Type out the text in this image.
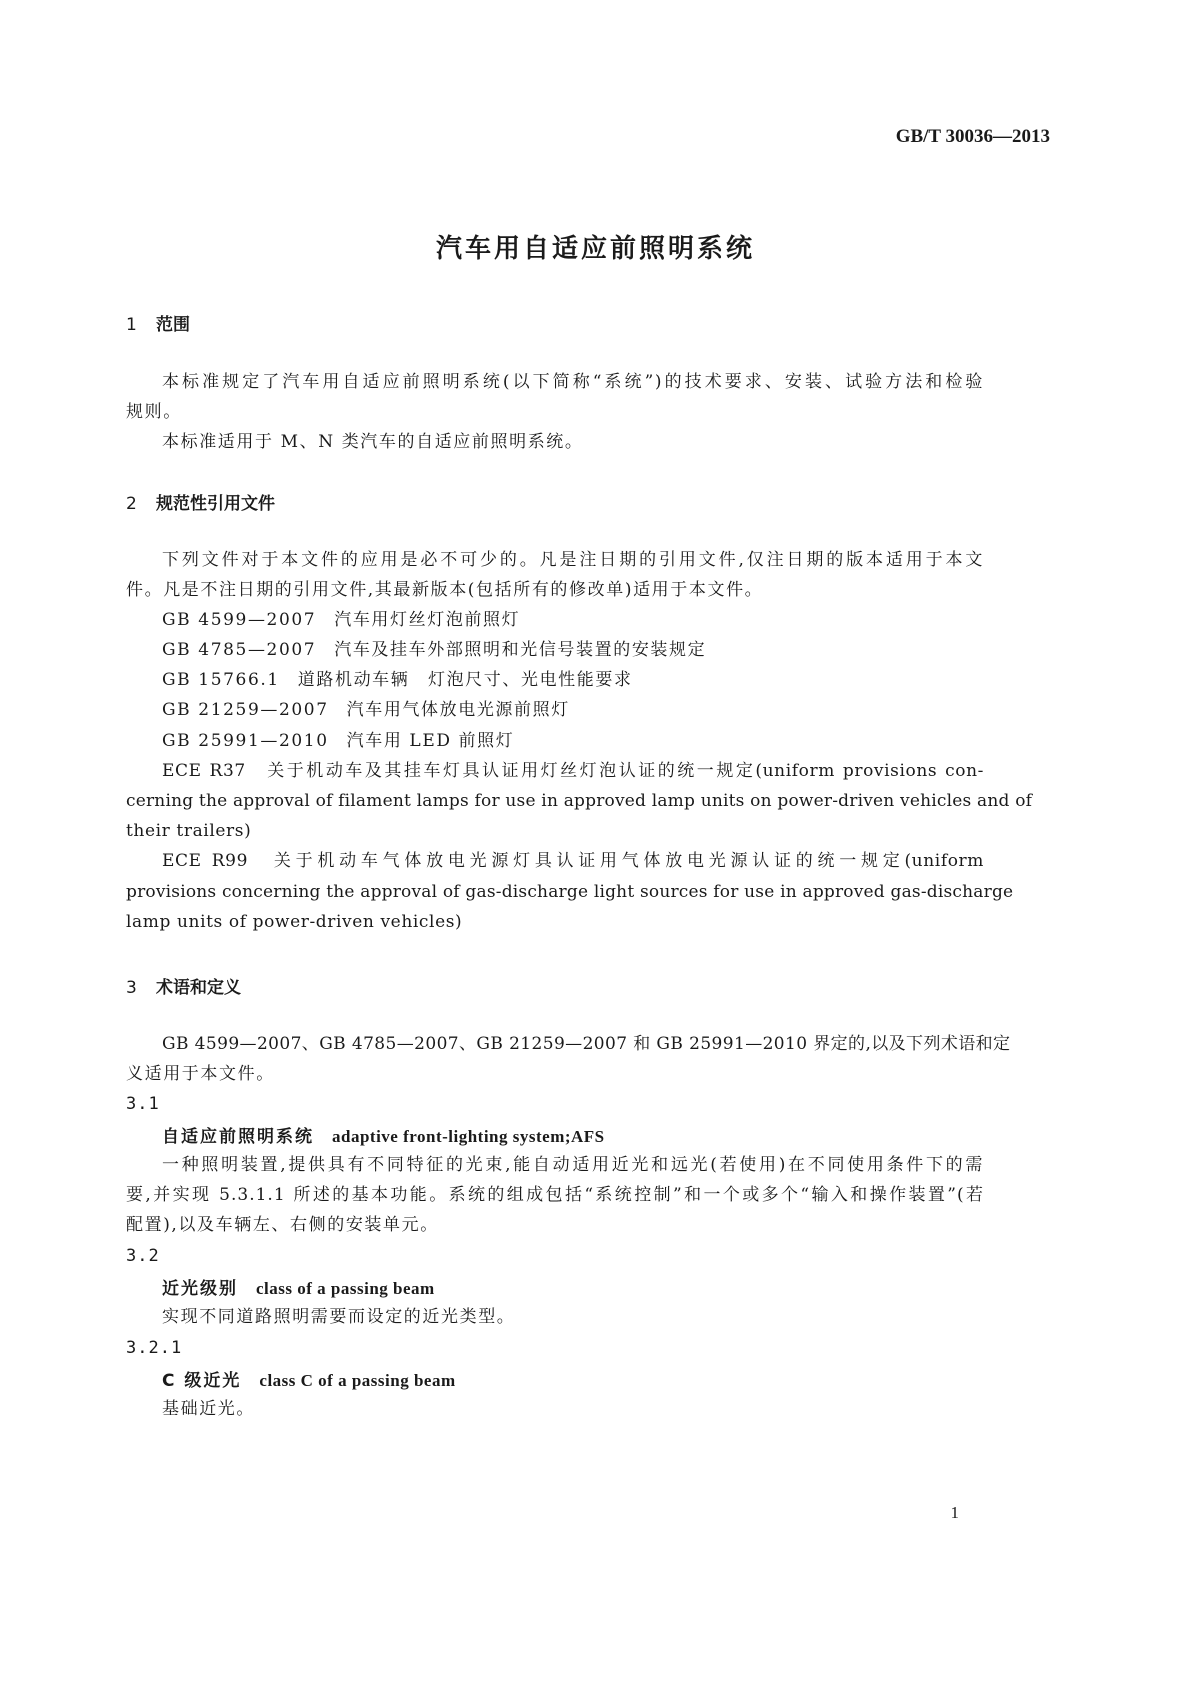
GB/T 30036—2013
汽车用自适应前照明系统
1 范围
本标准规定了汽车用自适应前照明系统(以下简称“系统”)的技术要求、安装、试验方法和检验
规则。
本标准适用于 M、N 类汽车的自适应前照明系统。
2 规范性引用文件
下列文件对于本文件的应用是必不可少的。凡是注日期的引用文件,仅注日期的版本适用于本文
件。凡是不注日期的引用文件,其最新版本(包括所有的修改单)适用于本文件。
GB 4599—2007 汽车用灯丝灯泡前照灯
GB 4785—2007 汽车及挂车外部照明和光信号装置的安装规定
GB 15766.1 道路机动车辆　灯泡尺寸、光电性能要求
GB 21259—2007 汽车用气体放电光源前照灯
GB 25991—2010 汽车用 LED 前照灯
ECE R37　关于机动车及其挂车灯具认证用灯丝灯泡认证的统一规定(uniform provisions con-
cerning the approval of filament lamps for use in approved lamp units on power-driven vehicles and of
their trailers)
ECE R99　关于机动车气体放电光源灯具认证用气体放电光源认证的统一规定(uniform
provisions concerning the approval of gas-discharge light sources for use in approved gas-discharge
lamp units of power-driven vehicles)
3 术语和定义
GB 4599—2007、GB 4785—2007、GB 21259—2007 和 GB 25991—2010 界定的,以及下列术语和定
义适用于本文件。
3.1
自适应前照明系统 adaptive front-lighting system;AFS
一种照明装置,提供具有不同特征的光束,能自动适用近光和远光(若使用)在不同使用条件下的需
要,并实现 5.3.1.1 所述的基本功能。系统的组成包括“系统控制”和一个或多个“输入和操作装置”(若
配置),以及车辆左、右侧的安装单元。
3.2
近光级别 class of a passing beam
实现不同道路照明需要而设定的近光类型。
3.2.1
C 级近光 class C of a passing beam
基础近光。
1
